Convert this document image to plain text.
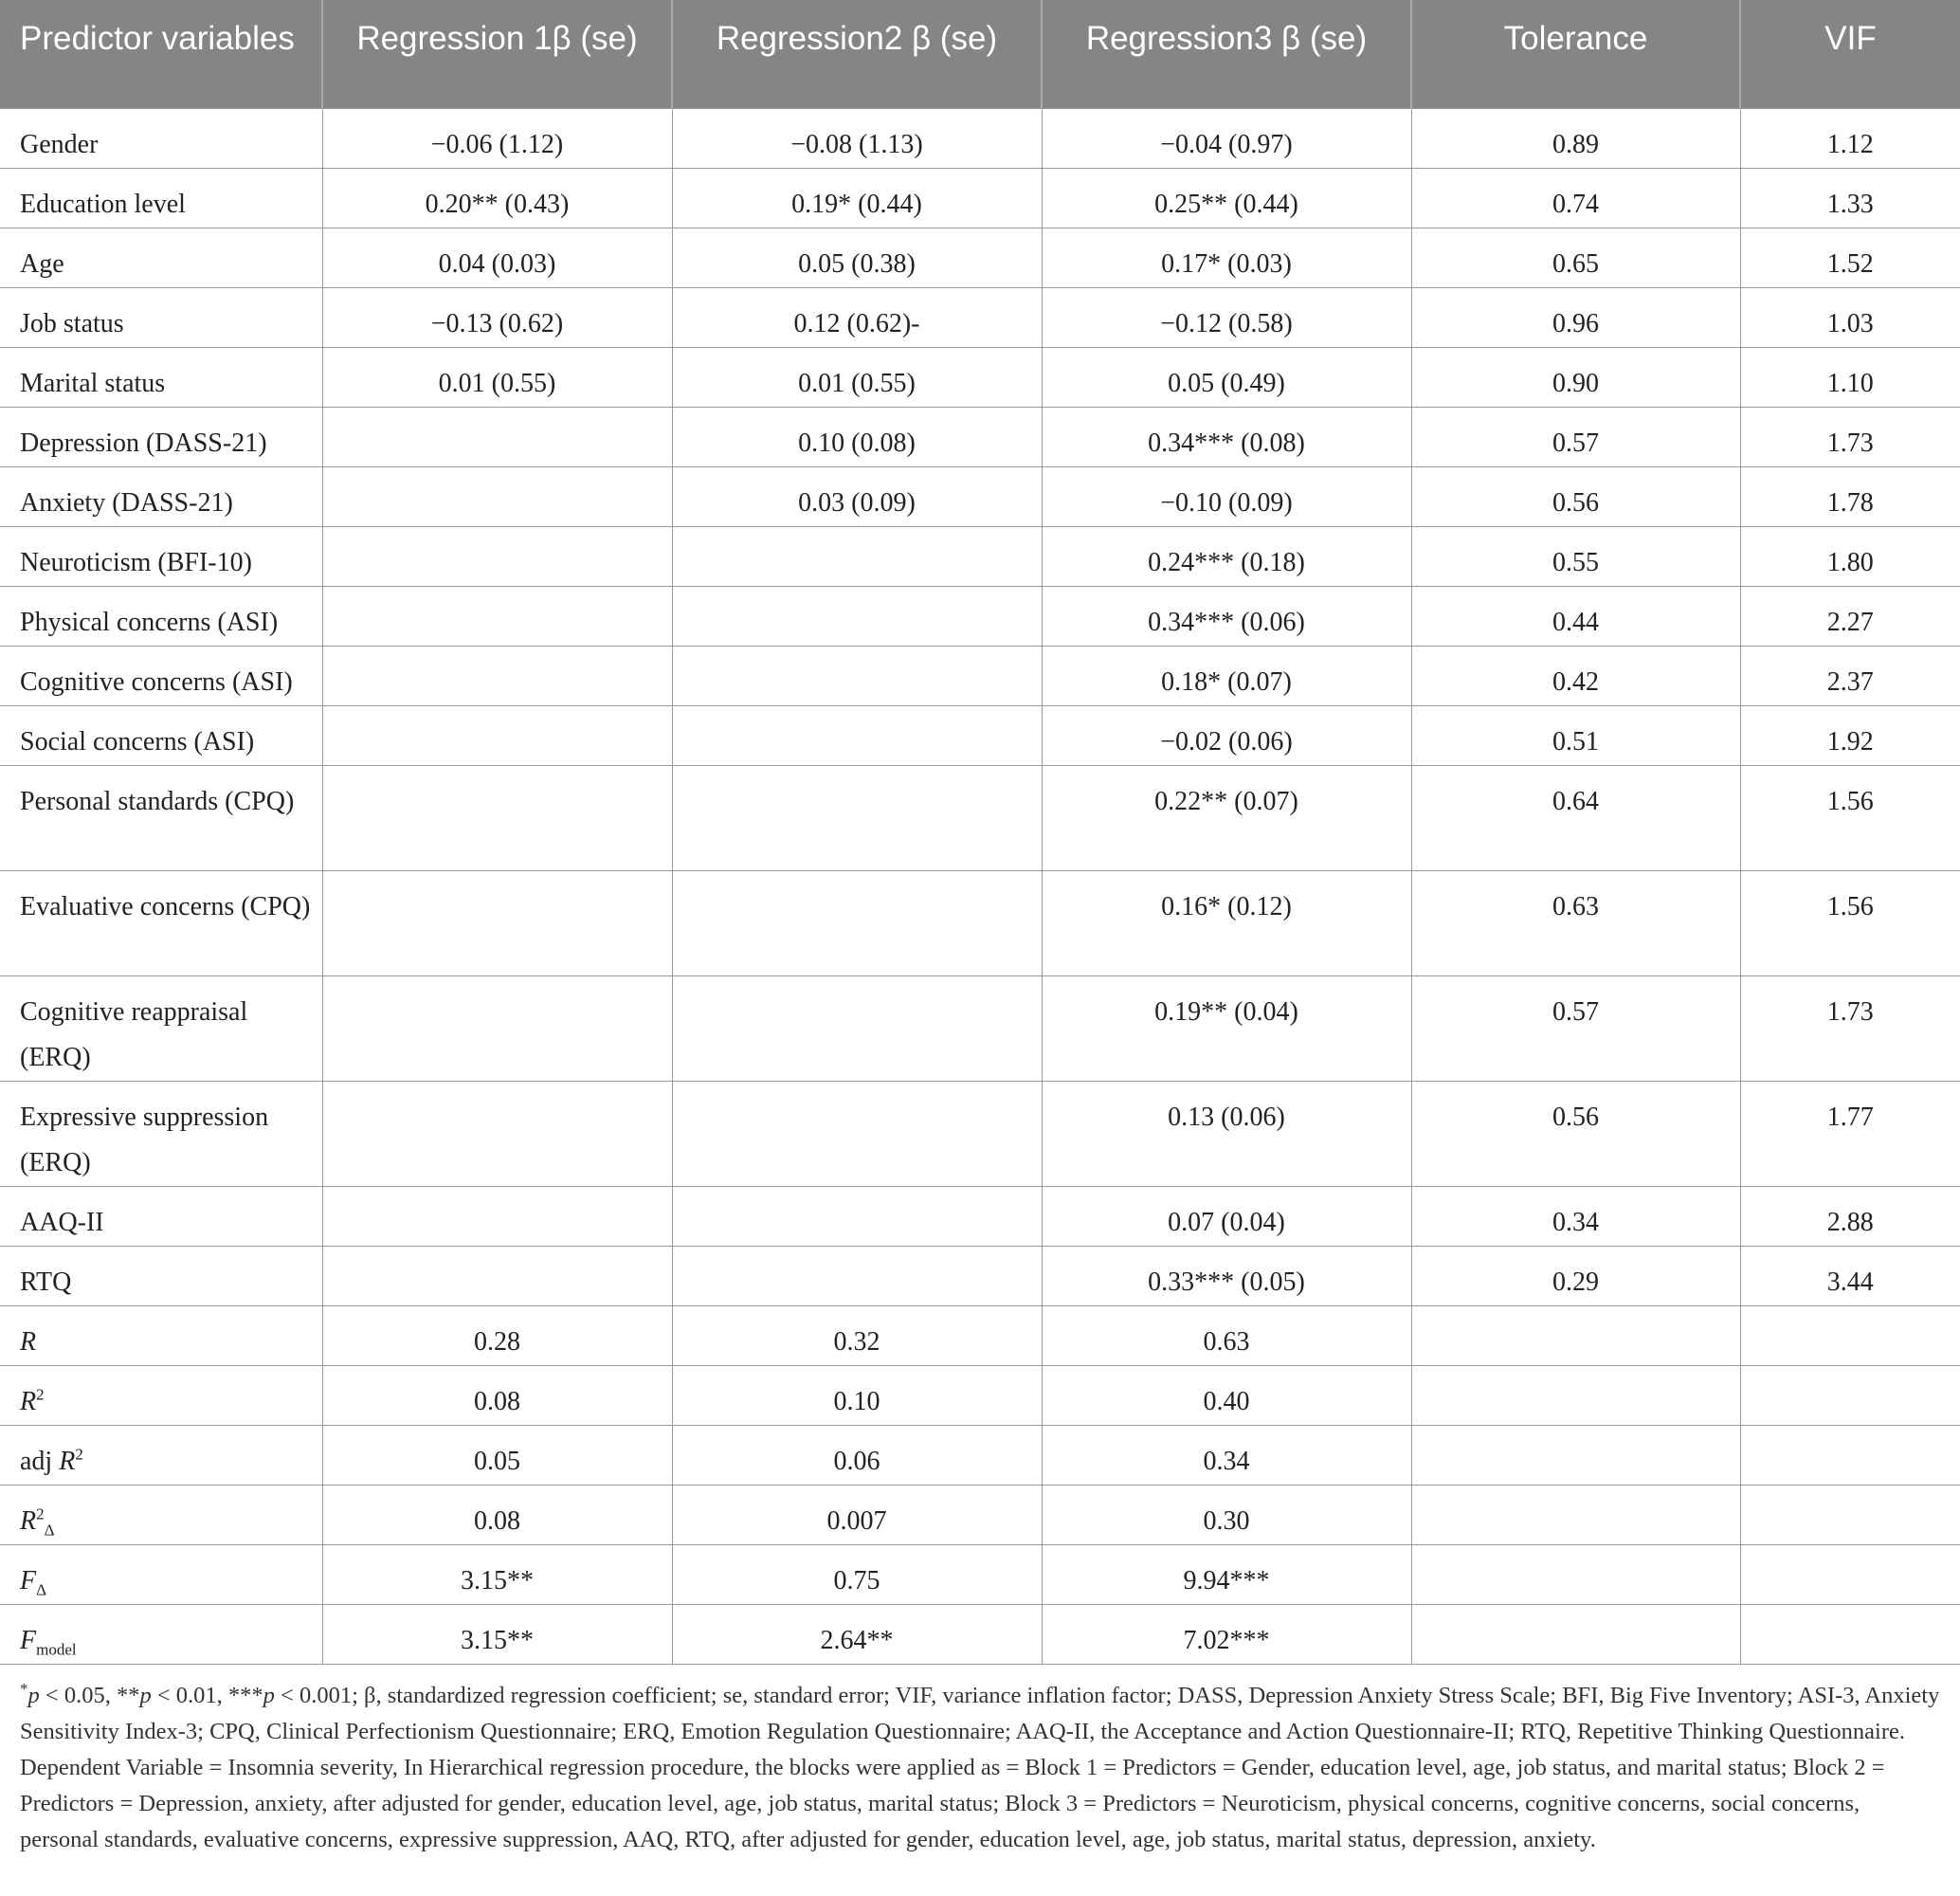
Predictor variables	Regression 1β (se)	Regression2 β (se)	Regression3 β (se)	Tolerance	VIF
Gender	−0.06 (1.12)	−0.08 (1.13)	−0.04 (0.97)	0.89	1.12
Education level	0.20** (0.43)	0.19* (0.44)	0.25** (0.44)	0.74	1.33
Age	0.04 (0.03)	0.05 (0.38)	0.17* (0.03)	0.65	1.52
Job status	−0.13 (0.62)	0.12 (0.62)-	−0.12 (0.58)	0.96	1.03
Marital status	0.01 (0.55)	0.01 (0.55)	0.05 (0.49)	0.90	1.10
Depression (DASS-21)		0.10 (0.08)	0.34*** (0.08)	0.57	1.73
Anxiety (DASS-21)		0.03 (0.09)	−0.10 (0.09)	0.56	1.78
Neuroticism (BFI-10)			0.24*** (0.18)	0.55	1.80
Physical concerns (ASI)			0.34*** (0.06)	0.44	2.27
Cognitive concerns (ASI)			0.18* (0.07)	0.42	2.37
Social concerns (ASI)			−0.02 (0.06)	0.51	1.92
Personal standards (CPQ)			0.22** (0.07)	0.64	1.56
Evaluative concerns (CPQ)			0.16* (0.12)	0.63	1.56
Cognitive reappraisal (ERQ)			0.19** (0.04)	0.57	1.73
Expressive suppression (ERQ)			0.13 (0.06)	0.56	1.77
AAQ-II			0.07 (0.04)	0.34	2.88
RTQ			0.33*** (0.05)	0.29	3.44
R	0.28	0.32	0.63		
$R^2$	0.08	0.10	0.40		
adj $R^2$	0.05	0.06	0.34		
$R^2_\Delta$	0.08	0.007	0.30		
$F_\Delta$	3.15**	0.75	9.94***		
$F_{model}$	3.15**	2.64**	7.02***		
*p < 0.05, **p < 0.01, ***p < 0.001; β, standardized regression coefficient; se, standard error; VIF, variance inflation factor; DASS, Depression Anxiety Stress Scale; BFI, Big Five Inventory; ASI-3, Anxiety Sensitivity Index-3; CPQ, Clinical Perfectionism Questionnaire; ERQ, Emotion Regulation Questionnaire; AAQ-II, the Acceptance and Action Questionnaire-II; RTQ, Repetitive Thinking Questionnaire. Dependent Variable = Insomnia severity, In Hierarchical regression procedure, the blocks were applied as = Block 1 = Predictors = Gender, education level, age, job status, and marital status; Block 2 = Predictors = Depression, anxiety, after adjusted for gender, education level, age, job status, marital status; Block 3 = Predictors = Neuroticism, physical concerns, cognitive concerns, social concerns, personal standards, evaluative concerns, expressive suppression, AAQ, RTQ, after adjusted for gender, education level, age, job status, marital status, depression, anxiety.
